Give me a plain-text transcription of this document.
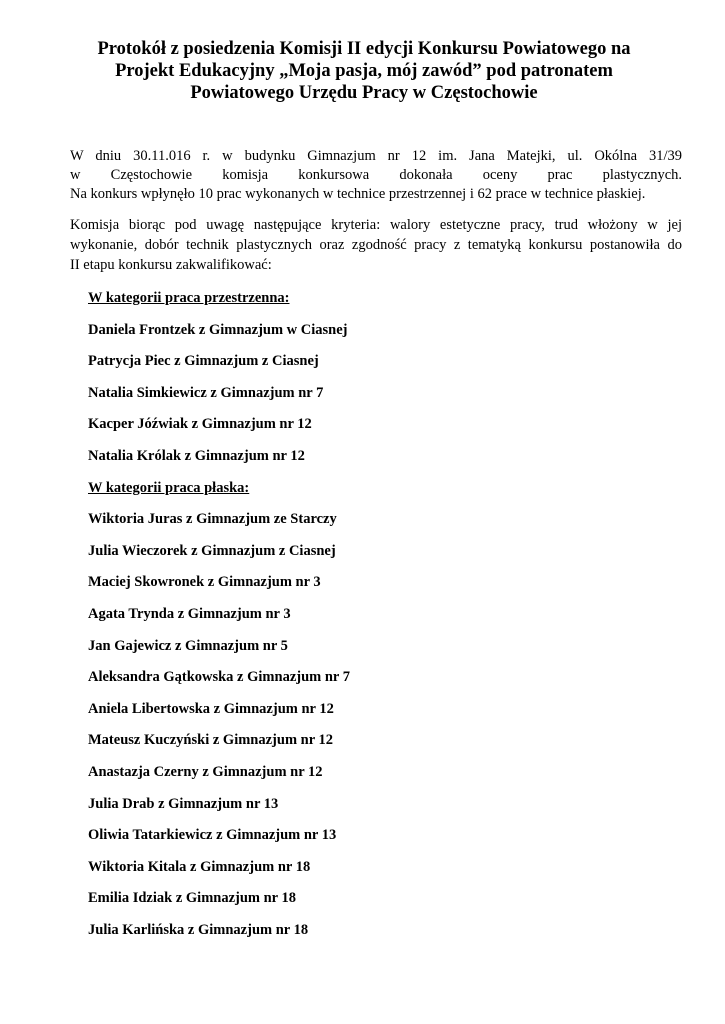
Protokół z posiedzenia Komisji II edycji Konkursu Powiatowego na
Projekt Edukacyjny „Moja pasja, mój zawód” pod patronatem
Powiatowego Urzędu Pracy w Częstochowie

W dniu 30.11.016 r. w budynku Gimnazjum nr 12 im. Jana Matejki, ul. Okólna 31/39
w Częstochowie komisja konkursowa dokonała oceny prac plastycznych.
Na konkurs wpłynęło 10 prac wykonanych w technice przestrzennej i 62 prace w technice płaskiej.

Komisja biorąc pod uwagę następujące kryteria: walory estetyczne pracy, trud włożony w jej
wykonanie, dobór technik plastycznych oraz zgodność pracy z tematyką konkursu postanowiła do
II etapu konkursu zakwalifikować:

W kategorii praca przestrzenna:
Daniela Frontzek z Gimnazjum w Ciasnej
Patrycja Piec z Gimnazjum z Ciasnej
Natalia Simkiewicz z Gimnazjum nr 7
Kacper Jóźwiak z Gimnazjum nr 12
Natalia Królak z Gimnazjum nr 12
W kategorii praca płaska:
Wiktoria Juras z Gimnazjum ze Starczy
Julia Wieczorek z Gimnazjum z Ciasnej
Maciej Skowronek z Gimnazjum nr 3
Agata Trynda z Gimnazjum nr 3
Jan Gajewicz z Gimnazjum nr 5
Aleksandra Gątkowska z Gimnazjum nr 7
Aniela Libertowska z Gimnazjum nr 12
Mateusz Kuczyński z Gimnazjum nr 12
Anastazja Czerny z Gimnazjum nr 12
Julia Drab z Gimnazjum nr 13
Oliwia Tatarkiewicz z Gimnazjum nr 13
Wiktoria Kitala z Gimnazjum nr 18
Emilia Idziak z Gimnazjum nr 18
Julia Karlińska z Gimnazjum nr 18
